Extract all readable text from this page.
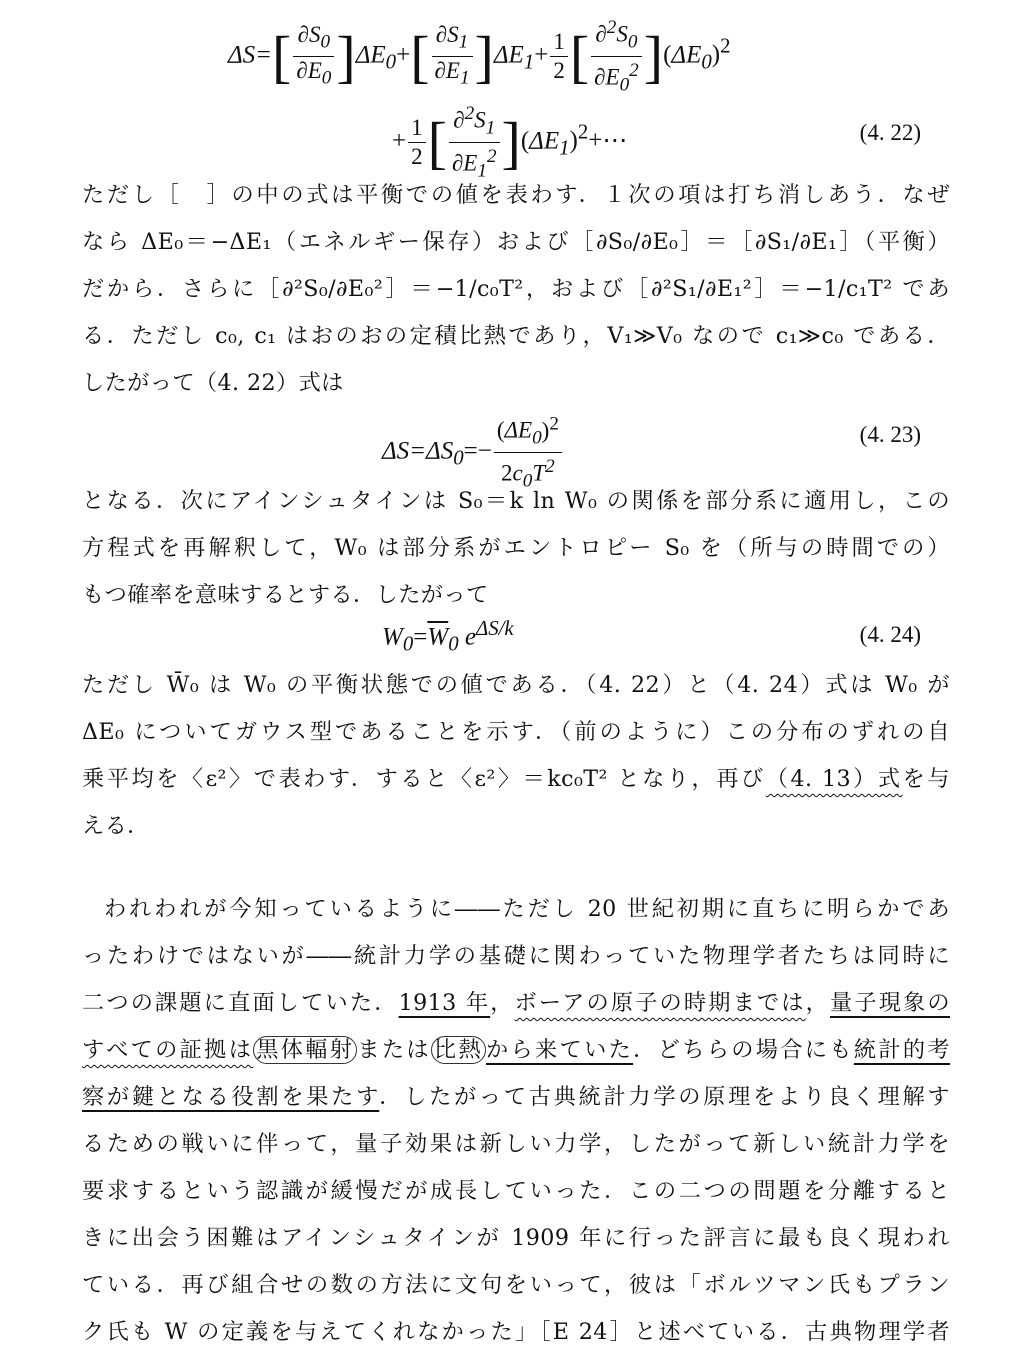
$\Delta S=[ \frac{\partial S_0}{\partial E_0} ]\Delta E_0+[ \frac{\partial S_1}{\partial E_1} ]\Delta E_1+ \frac{1}{2}$ [ $\frac{\partial^2S_0}{\partial E_0^2} ](\Delta E_0)^2$
+ $\frac{1}{2}$ [ $\frac{\partial^2S_1}{\partial E_1^2}$ ]$(\Delta E_1)^2+\cdots$	(4. 22)
ただし［　］の中の式は平衡での値を表わす．１次の項は打ち消しあう．なぜ
なら ΔE₀＝−ΔE₁（エネルギー保存）および［∂S₀/∂E₀］＝［∂S₁/∂E₁］（平衡）
だから．さらに［∂²S₀/∂E₀²］＝−1/c₀T²，および［∂²S₁/∂E₁²］＝−1/c₁T² であ
る．ただし c₀, c₁ はおのおの定積比熱であり，V₁≫V₀ なので c₁≫c₀ である．
したがって（4. 22）式は
$\Delta S=\Delta S_0=- \frac{(\Delta E_0)^2}{2c_0T^2}$	(4. 23)
となる．次にアインシュタインは S₀＝k ln W₀ の関係を部分系に適用し，この
方程式を再解釈して，W₀ は部分系がエントロピー S₀ を（所与の時間での）
もつ確率を意味するとする．したがって
$W_0=\overline{W}_0$ $e^{\Delta S/k}$	(4. 24)
ただし W̄₀ は W₀ の平衡状態での値である．（4. 22）と（4. 24）式は W₀ が
ΔE₀ についてガウス型であることを示す．（前のように）この分布のずれの自
乗平均を〈ε²〉で表わす．すると〈ε²〉＝kc₀T² となり，再び（4. 13）式を与
える．
われわれが今知っているように――ただし 20 世紀初期に直ちに明らかであ
ったわけではないが――統計力学の基礎に関わっていた物理学者たちは同時に
二つの課題に直面していた．1913 年，ボーアの原子の時期までは，量子現象の
すべての証拠は 黒体輻射 または 比熱 から来ていた．どちらの場合にも統計的考
察が鍵となる役割を果たす．したがって古典統計力学の原理をより良く理解す
るための戦いに伴って，量子効果は新しい力学，したがって新しい統計力学を
要求するという認識が緩慢だが成長していった．この二つの問題を分離すると
きに出会う困難はアインシュタインが 1909 年に行った評言に最も良く現われ
ている．再び組合せの数の方法に文句をいって，彼は「ボルツマン氏もプラン
ク氏も W の定義を与えてくれなかった」［E 24］と述べている．古典物理学者
